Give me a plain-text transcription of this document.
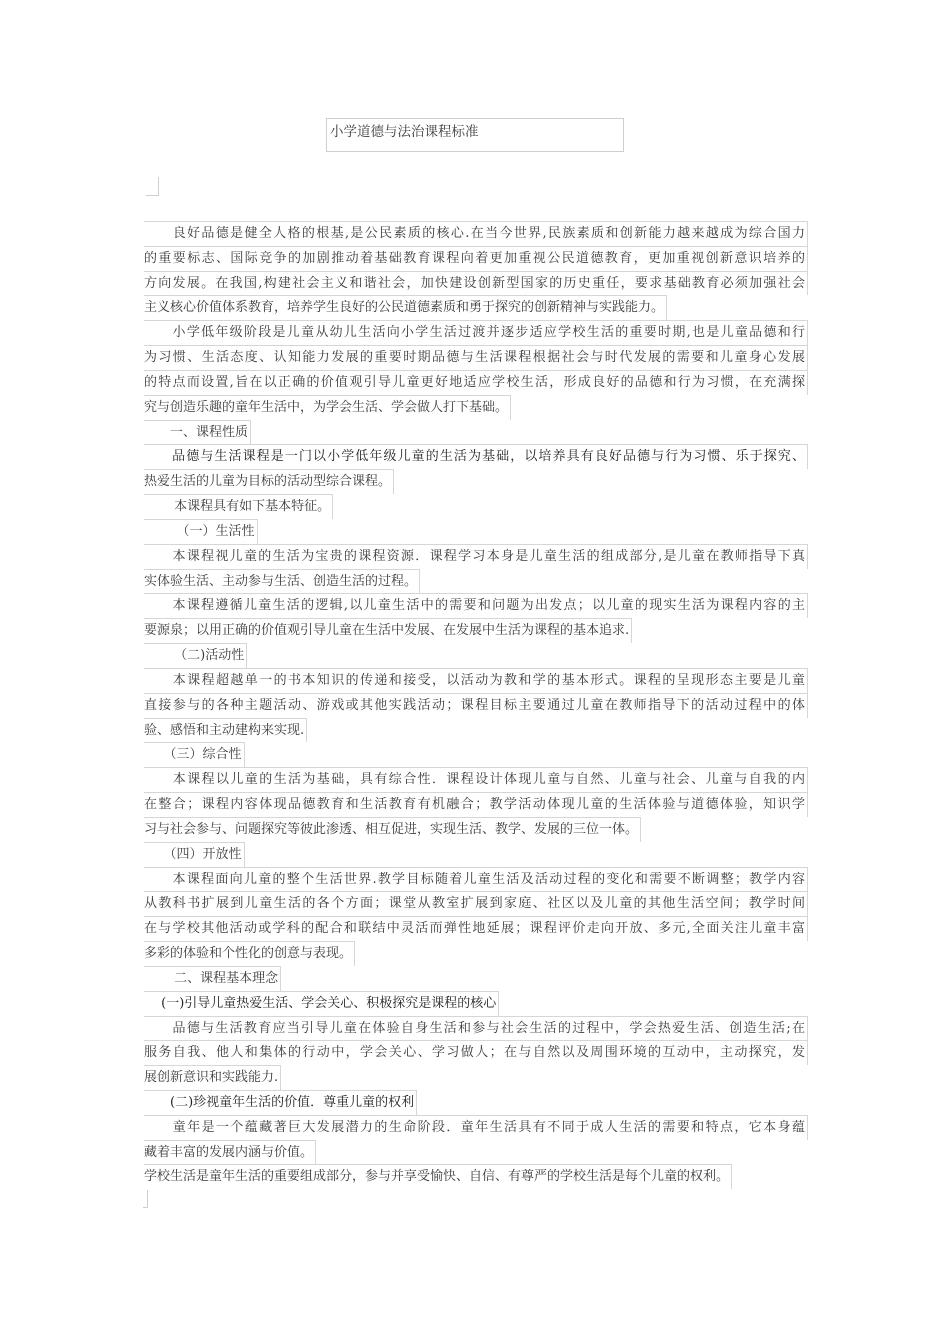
小学道德与法治课程标准
　　良好品德是健全人格的根基,是公民素质的核心.在当今世界,民族素质和创新能力越来越成为综合国力
的重要标志、国际竞争的加剧推动着基础教育课程向着更加重视公民道德教育，更加重视创新意识培养的
方向发展。在我国,构建社会主义和谐社会，加快建设创新型国家的历史重任，要求基础教育必须加强社会
主义核心价值体系教育，培养学生良好的公民道德素质和勇于探究的创新精神与实践能力。
　　小学低年级阶段是儿童从幼儿生活向小学生活过渡并逐步适应学校生活的重要时期,也是儿童品德和行
为习惯、生活态度、认知能力发展的重要时期品德与生活课程根据社会与时代发展的需要和儿童身心发展
的特点而设置,旨在以正确的价值观引导儿童更好地适应学校生活，形成良好的品德和行为习惯，在充满探
究与创造乐趣的童年生活中，为学会生活、学会做人打下基础。
　　一、课程性质
　　品德与生活课程是一门以小学低年级儿童的生活为基础，以培养具有良好品德与行为习惯、乐于探究、
热爱生活的儿童为目标的活动型综合课程。
　　 本课程具有如下基本特征。
　　　（一）生活性
　　本课程视儿童的生活为宝贵的课程资源．课程学习本身是儿童生活的组成部分,是儿童在教师指导下真
实体验生活、主动参与生活、创造生活的过程。
　　本课程遵循儿童生活的逻辑,以儿童生活中的需要和问题为出发点；以儿童的现实生活为课程内容的主
要源泉；以用正确的价值观引导儿童在生活中发展、在发展中生活为课程的基本追求.
　　 （二)活动性
　　本课程超越单一的书本知识的传递和接受，以活动为教和学的基本形式。课程的呈现形态主要是儿童
直接参与的各种主题活动、游戏或其他实践活动；课程目标主要通过儿童在教师指导下的活动过程中的体
验、感悟和主动建构来实现.
　　（三）综合性
　　本课程以儿童的生活为基础，具有综合性．课程设计体现儿童与自然、儿童与社会、儿童与自我的内
在整合；课程内容体现品德教育和生活教育有机融合；教学活动体现儿童的生活体验与道德体验，知识学
习与社会参与、问题探究等彼此渗透、相互促进，实现生活、教学、发展的三位一体。
　　（四）开放性
　　本课程面向儿童的整个生活世界.教学目标随着儿童生活及活动过程的变化和需要不断调整；教学内容
从教科书扩展到儿童生活的各个方面；课堂从教室扩展到家庭、社区以及儿童的其他生活空间；教学时间
在与学校其他活动或学科的配合和联结中灵活而弹性地延展；课程评价走向开放、多元,全面关注儿童丰富
多彩的体验和个性化的创意与表现。
　　 二、课程基本理念
　 (一)引导儿童热爱生活、学会关心、积极探究是课程的核心
　　品德与生活教育应当引导儿童在体验自身生活和参与社会生活的过程中，学会热爱生活、创造生活;在
服务自我、他人和集体的行动中，学会关心、学习做人；在与自然以及周围环境的互动中，主动探究，发
展创新意识和实践能力.
　　(二)珍视童年生活的价值．尊重儿童的权利
　　童年是一个蕴藏著巨大发展潜力的生命阶段．童年生活具有不同于成人生活的需要和特点，它本身蕴
藏着丰富的发展内涵与价值。
学校生活是童年生活的重要组成部分，参与并享受愉快、自信、有尊严的学校生活是每个儿童的权利。
